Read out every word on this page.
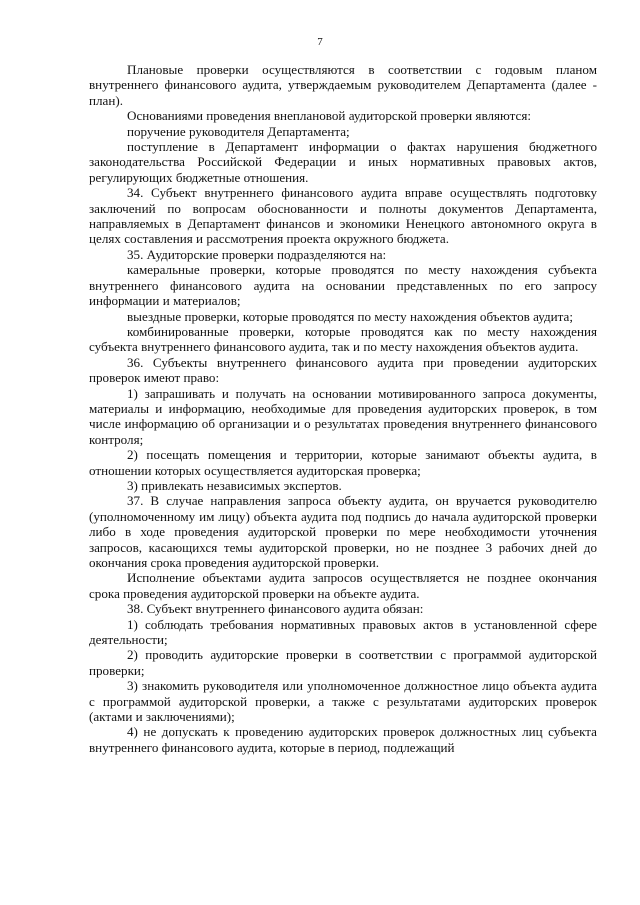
7

Плановые проверки осуществляются в соответствии с годовым планом внутреннего финансового аудита, утверждаемым руководителем Департамента (далее - план).

Основаниями проведения внеплановой аудиторской проверки являются:

поручение руководителя Департамента;

поступление в Департамент информации о фактах нарушения бюджетного законодательства Российской Федерации и иных нормативных правовых актов, регулирующих бюджетные отношения.

34. Субъект внутреннего финансового аудита вправе осуществлять подготовку заключений по вопросам обоснованности и полноты документов Департамента, направляемых в Департамент финансов и экономики Ненецкого автономного округа в целях составления и рассмотрения проекта окружного бюджета.

35. Аудиторские проверки подразделяются на:

камеральные проверки, которые проводятся по месту нахождения субъекта внутреннего финансового аудита на основании представленных по его запросу информации и материалов;

выездные проверки, которые проводятся по месту нахождения объектов аудита;

комбинированные проверки, которые проводятся как по месту нахождения субъекта внутреннего финансового аудита, так и по месту нахождения объектов аудита.

36. Субъекты внутреннего финансового аудита при проведении аудиторских проверок имеют право:

1) запрашивать и получать на основании мотивированного запроса документы, материалы и информацию, необходимые для проведения аудиторских проверок, в том числе информацию об организации и о результатах проведения внутреннего финансового контроля;

2) посещать помещения и территории, которые занимают объекты аудита, в отношении которых осуществляется аудиторская проверка;

3) привлекать независимых экспертов.

37. В случае направления запроса объекту аудита, он вручается руководителю (уполномоченному им лицу) объекта аудита под подпись до начала аудиторской проверки либо в ходе проведения аудиторской проверки по мере необходимости уточнения запросов, касающихся темы аудиторской проверки, но не позднее 3 рабочих дней до окончания срока проведения аудиторской проверки.

Исполнение объектами аудита запросов осуществляется не позднее окончания срока проведения аудиторской проверки на объекте аудита.

38. Субъект внутреннего финансового аудита обязан:

1) соблюдать требования нормативных правовых актов в установленной сфере деятельности;

2) проводить аудиторские проверки в соответствии с программой аудиторской проверки;

3) знакомить руководителя или уполномоченное должностное лицо объекта аудита с программой аудиторской проверки, а также с результатами аудиторских проверок (актами и заключениями);

4) не допускать к проведению аудиторских проверок должностных лиц субъекта внутреннего финансового аудита, которые в период, подлежащий
